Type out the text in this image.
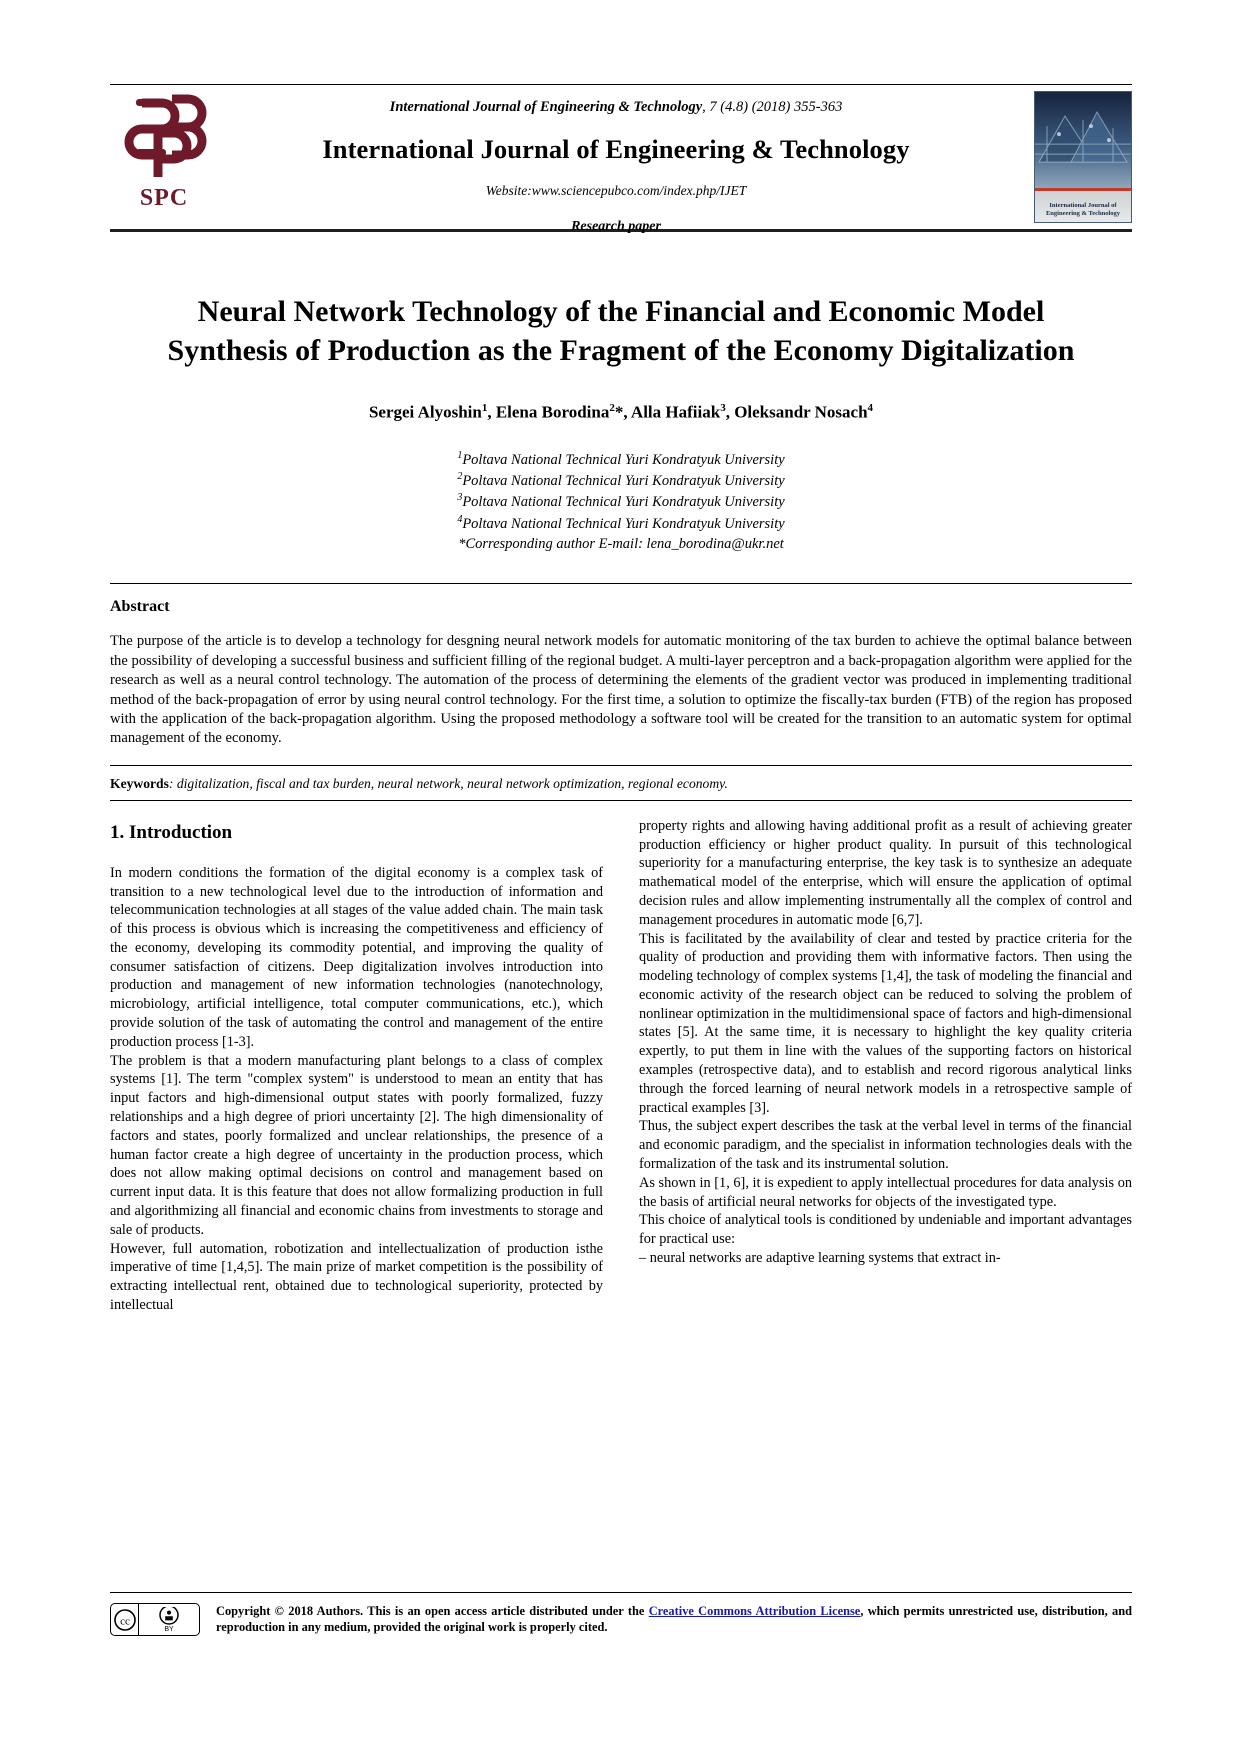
SPC
International Journal of Engineering & Technology, 7 (4.8) (2018) 355-363
International Journal of Engineering & Technology
Website:www.sciencepubco.com/index.php/IJET
Research paper
International Journal of
Engineering & Technology
Neural Network Technology of the Financial and Economic Model Synthesis of Production as the Fragment of the Economy Digitalization
Sergei Alyoshin$^1$, Elena Borodina$^2$*, Alla Hafiiak$^3$, Oleksandr Nosach$^4$
$^1$Poltava National Technical Yuri Kondratyuk University
$^2$Poltava National Technical Yuri Kondratyuk University
$^3$Poltava National Technical Yuri Kondratyuk University
$^4$Poltava National Technical Yuri Kondratyuk University
*Corresponding author E-mail: lena_borodina@ukr.net
Abstract
The purpose of the article is to develop a technology for desgning neural network models for automatic monitoring of the tax burden to achieve the optimal balance between the possibility of developing a successful business and sufficient filling of the regional budget. A multi-layer perceptron and a back-propagation algorithm were applied for the research as well as a neural control technology. The automation of the process of determining the elements of the gradient vector was produced in implementing traditional method of the back-propagation of error by using neural control technology. For the first time, a solution to optimize the fiscally-tax burden (FTB) of the region has proposed with the application of the back-propagation algorithm. Using the proposed methodology a software tool will be created for the transition to an automatic system for optimal management of the economy.
Keywords: digitalization, fiscal and tax burden, neural network, neural network optimization, regional economy.
1. Introduction

In modern conditions the formation of the digital economy is a complex task of transition to a new technological level due to the introduction of information and telecommunication technologies at all stages of the value added chain. The main task of this process is obvious which is increasing the competitiveness and efficiency of the economy, developing its commodity potential, and improving the quality of consumer satisfaction of citizens. Deep digitalization involves introduction into production and management of new information technologies (nanotechnology, microbiology, artificial intelligence, total computer communications, etc.), which provide solution of the task of automating the control and management of the entire production process [1-3].

The problem is that a modern manufacturing plant belongs to a class of complex systems [1]. The term "complex system" is understood to mean an entity that has input factors and high-dimensional output states with poorly formalized, fuzzy relationships and a high degree of priori uncertainty [2]. The high dimensionality of factors and states, poorly formalized and unclear relationships, the presence of a human factor create a high degree of uncertainty in the production process, which does not allow making optimal decisions on control and management based on current input data. It is this feature that does not allow formalizing production in full and algorithmizing all financial and economic chains from investments to storage and sale of products.

However, full automation, robotization and intellectualization of production isthe imperative of time [1,4,5]. The main prize of market competition is the possibility of extracting intellectual rent, obtained due to technological superiority, protected by intellectual

property rights and allowing having additional profit as a result of achieving greater production efficiency or higher product quality. In pursuit of this technological superiority for a manufacturing enterprise, the key task is to synthesize an adequate mathematical model of the enterprise, which will ensure the application of optimal decision rules and allow implementing instrumentally all the complex of control and management procedures in automatic mode [6,7].

This is facilitated by the availability of clear and tested by practice criteria for the quality of production and providing them with informative factors. Then using the modeling technology of complex systems [1,4], the task of modeling the financial and economic activity of the research object can be reduced to solving the problem of nonlinear optimization in the multidimensional space of factors and high-dimensional states [5]. At the same time, it is necessary to highlight the key quality criteria expertly, to put them in line with the values of the supporting factors on historical examples (retrospective data), and to establish and record rigorous analytical links through the forced learning of neural network models in a retrospective sample of practical examples [3].

Thus, the subject expert describes the task at the verbal level in terms of the financial and economic paradigm, and the specialist in information technologies deals with the formalization of the task and its instrumental solution.

As shown in [1, 6], it is expedient to apply intellectual procedures for data analysis on the basis of artificial neural networks for objects of the investigated type.

This choice of analytical tools is conditioned by undeniable and important advantages for practical use:

– neural networks are adaptive learning systems that extract in-

cc
BY
Copyright © 2018 Authors. This is an open access article distributed under the Creative Commons Attribution License, which permits unrestricted use, distribution, and reproduction in any medium, provided the original work is properly cited.
